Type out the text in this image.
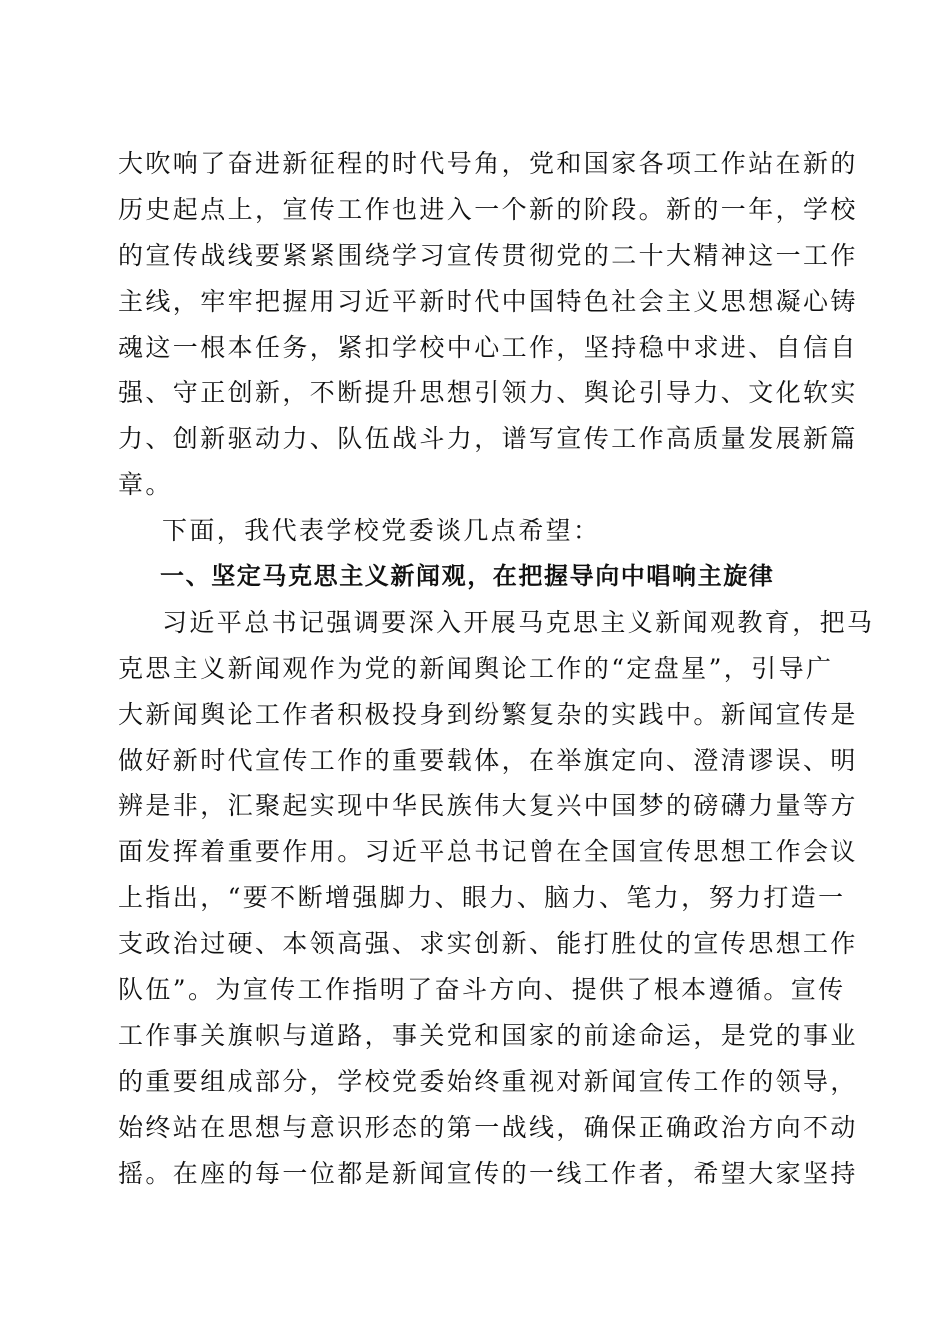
大吹响了奋进新征程的时代号角，党和国家各项工作站在新的
历史起点上，宣传工作也进入一个新的阶段。新的一年，学校
的宣传战线要紧紧围绕学习宣传贯彻党的二十大精神这一工作
主线，牢牢把握用习近平新时代中国特色社会主义思想凝心铸
魂这一根本任务，紧扣学校中心工作，坚持稳中求进、自信自
强、守正创新，不断提升思想引领力、舆论引导力、文化软实
力、创新驱动力、队伍战斗力，谱写宣传工作高质量发展新篇
章。
下面，我代表学校党委谈几点希望：
一、坚定马克思主义新闻观，在把握导向中唱响主旋律
习近平总书记强调要深入开展马克思主义新闻观教育，把马
克思主义新闻观作为党的新闻舆论工作的“定盘星”，引导广
大新闻舆论工作者积极投身到纷繁复杂的实践中。新闻宣传是
做好新时代宣传工作的重要载体，在举旗定向、澄清谬误、明
辨是非，汇聚起实现中华民族伟大复兴中国梦的磅礴力量等方
面发挥着重要作用。习近平总书记曾在全国宣传思想工作会议
上指出，“要不断增强脚力、眼力、脑力、笔力，努力打造一
支政治过硬、本领高强、求实创新、能打胜仗的宣传思想工作
队伍”。为宣传工作指明了奋斗方向、提供了根本遵循。宣传
工作事关旗帜与道路，事关党和国家的前途命运，是党的事业
的重要组成部分，学校党委始终重视对新闻宣传工作的领导，
始终站在思想与意识形态的第一战线，确保正确政治方向不动
摇。在座的每一位都是新闻宣传的一线工作者，希望大家坚持
